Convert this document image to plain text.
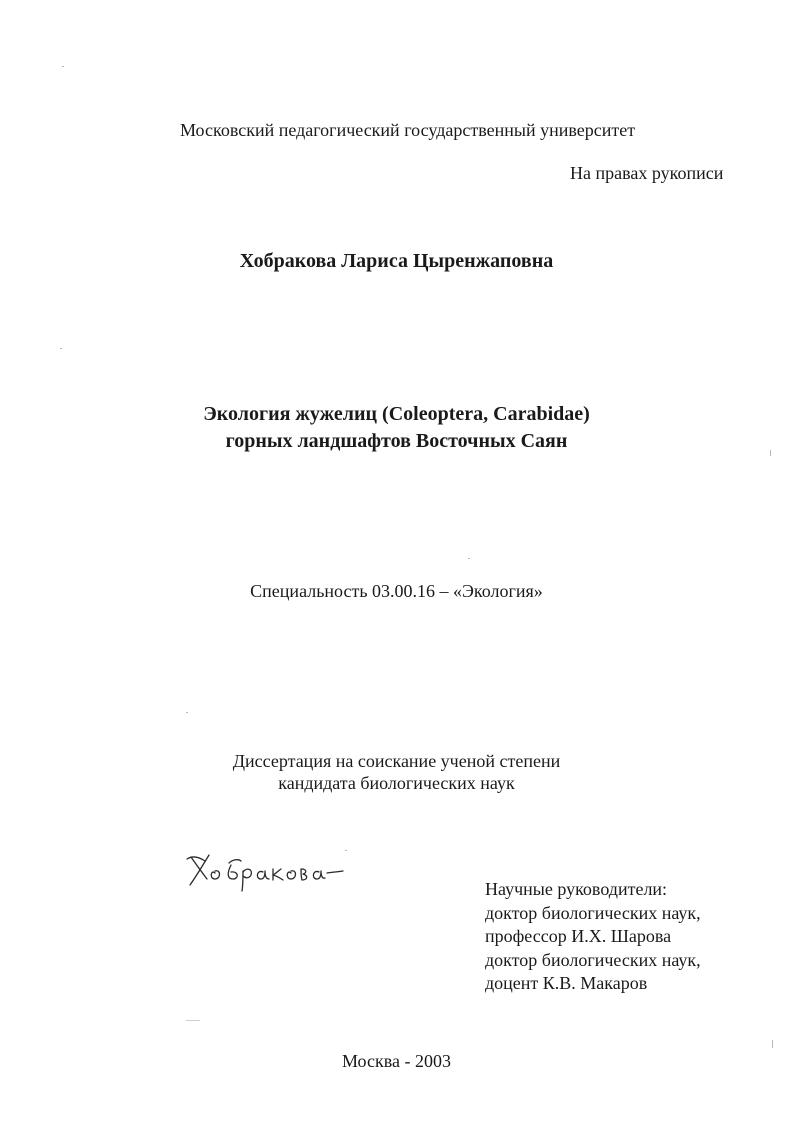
Московский педагогический государственный университет
На правах рукописи
Хобракова Лариса Цыренжаповна
Экология жужелиц (Coleoptera, Carabidae)
горных ландшафтов Восточных Саян
Специальность 03.00.16 – «Экология»
Диссертация на соискание ученой степени
кандидата биологических наук
Научные руководители:
доктор биологических наук,
профессор И.Х. Шарова
доктор биологических наук,
доцент К.В. Макаров
Москва - 2003
